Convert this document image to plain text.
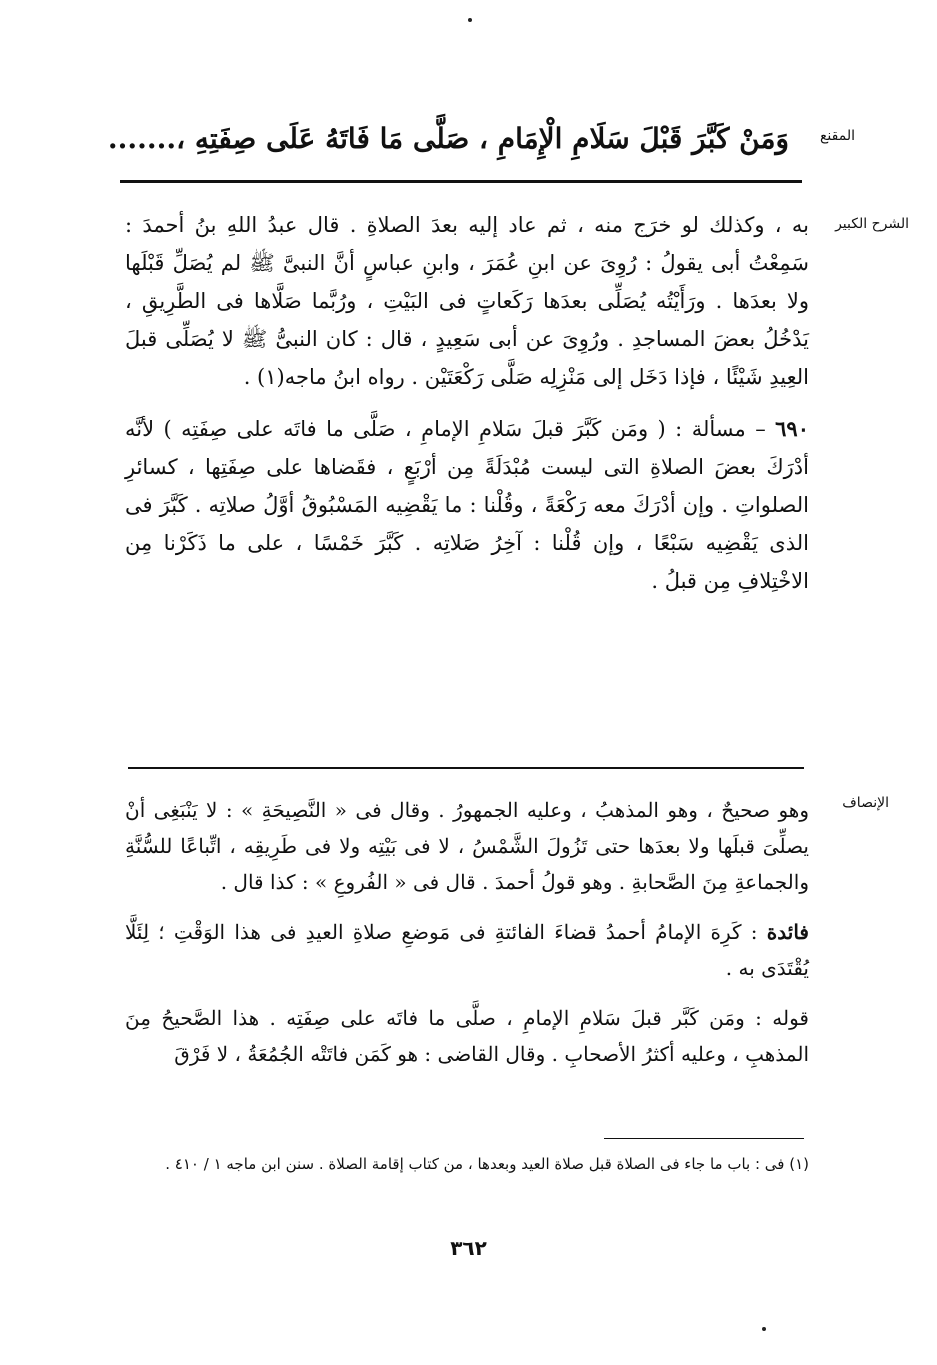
المقنع
وَمَنْ كَبَّرَ قَبْلَ سَلَامِ الْإِمَامِ ، صَلَّى مَا فَاتَهُ عَلَى صِفَتِهِ ،.......
الشرح الكبير

به ، وكذلك لو خرَج منه ، ثم عاد إليه بعدَ الصلاةِ . قال عبدُ اللهِ بنُ أحمدَ : سَمِعْتُ أبى يقولُ : رُوِىَ عن ابنِ عُمَرَ ، وابنِ عباسٍ أنَّ النبىَّ ﷺ لم يُصَلِّ قَبْلَها ولا بعدَها . ورَأَيْتُه يُصَلِّى بعدَها رَكَعاتٍ فى البَيْتِ ، ورُبَّما صَلَّاها فى الطَّرِيقِ ، يَدْخُلُ بعضَ المساجدِ . ورُوِىَ عن أبى سَعِيدٍ ، قال : كان النبىُّ ﷺ لا يُصَلِّى قبلَ العِيدِ شَيْئًا ، فإذا دَخَل إلى مَنْزِلِه صَلَّى رَكْعَتَيْن . رواه ابنُ ماجه(١) .

٦٩٠ – مسألة : ( ومَن كَبَّرَ قبلَ سَلامِ الإمامِ ، صَلَّى ما فاتَه على صِفَتِه ) لأنَّه أدْرَكَ بعضَ الصلاةِ التى ليست مُبْدَلَةً مِن أرْبَعٍ ، فقَضاها على صِفَتِها ، كسائرِ الصلواتِ . وإن أدْرَكَ معه رَكْعَةً ، وقُلْنا : ما يَقْضِيه المَسْبُوقُ أوَّلُ صلاتِه . كَبَّرَ فى الذى يَقْضِيه سَبْعًا ، وإن قُلْنا : آخِرُ صَلاتِه . كَبَّرَ خَمْسًا ، على ما ذَكَرْنا مِن الاخْتِلافِ مِن قبلُ .

الإنصاف

وهو صحيحٌ ، وهو المذهبُ ، وعليه الجمهورُ . وقال فى « النَّصِيحَةِ » : لا يَنْبَغِى أنْ يصلِّىَ قبلَها ولا بعدَها حتى تَزُولَ الشَّمْسُ ، لا فى بَيْتِه ولا فى طَرِيقِه ، اتِّباعًا للسُّنَّةِ والجماعةِ مِنَ الصَّحابةِ . وهو قولُ أحمدَ . قال فى « الفُروعِ » : كذا قال .

فائدة : كَرِهَ الإمامُ أحمدُ قضاءَ الفائتةِ فى مَوضعِ صلاةِ العيدِ فى هذا الوَقْتِ ؛ لِئَلَّا يُقْتَدَى به .

قوله : ومَن كَبَّر قبلَ سَلامِ الإمامِ ، صلَّى ما فاتَه على صِفَتِه . هذا الصَّحيحُ مِنَ المذهبِ ، وعليه أكثرُ الأصحابِ . وقال القاضى : هو كَمَن فاتَتْه الجُمُعَةُ ، لا فَرْقَ

(١) فى : باب ما جاء فى الصلاة قبل صلاة العيد وبعدها ، من كتاب إقامة الصلاة . سنن ابن ماجه ١ / ٤١٠ .
٣٦٢
